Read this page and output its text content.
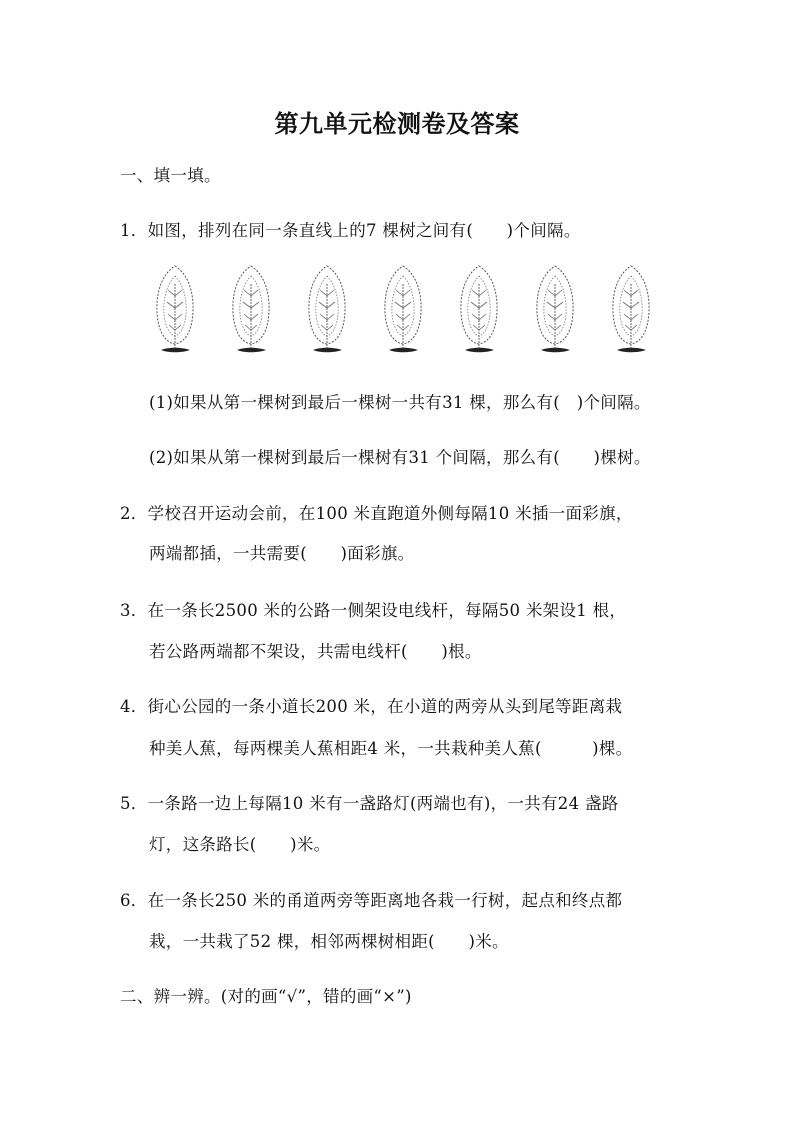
第九单元检测卷及答案
一、填一填。
1．如图，排列在同一条直线上的7 棵树之间有(　　)个间隔。
(1)如果从第一棵树到最后一棵树一共有31 棵，那么有(　)个间隔。
(2)如果从第一棵树到最后一棵树有31 个间隔，那么有(　　)棵树。
2．学校召开运动会前，在100 米直跑道外侧每隔10 米插一面彩旗，
两端都插，一共需要(　　)面彩旗。
3．在一条长2500 米的公路一侧架设电线杆，每隔50 米架设1 根，
若公路两端都不架设，共需电线杆(　　)根。
4．街心公园的一条小道长200 米，在小道的两旁从头到尾等距离栽
种美人蕉，每两棵美人蕉相距4 米，一共栽种美人蕉(　　　)棵。
5．一条路一边上每隔10 米有一盏路灯(两端也有)，一共有24 盏路
灯，这条路长(　　)米。
6．在一条长250 米的甬道两旁等距离地各栽一行树，起点和终点都
栽，一共栽了52 棵，相邻两棵树相距(　　)米。
二、辨一辨。(对的画“√”，错的画“×”)
